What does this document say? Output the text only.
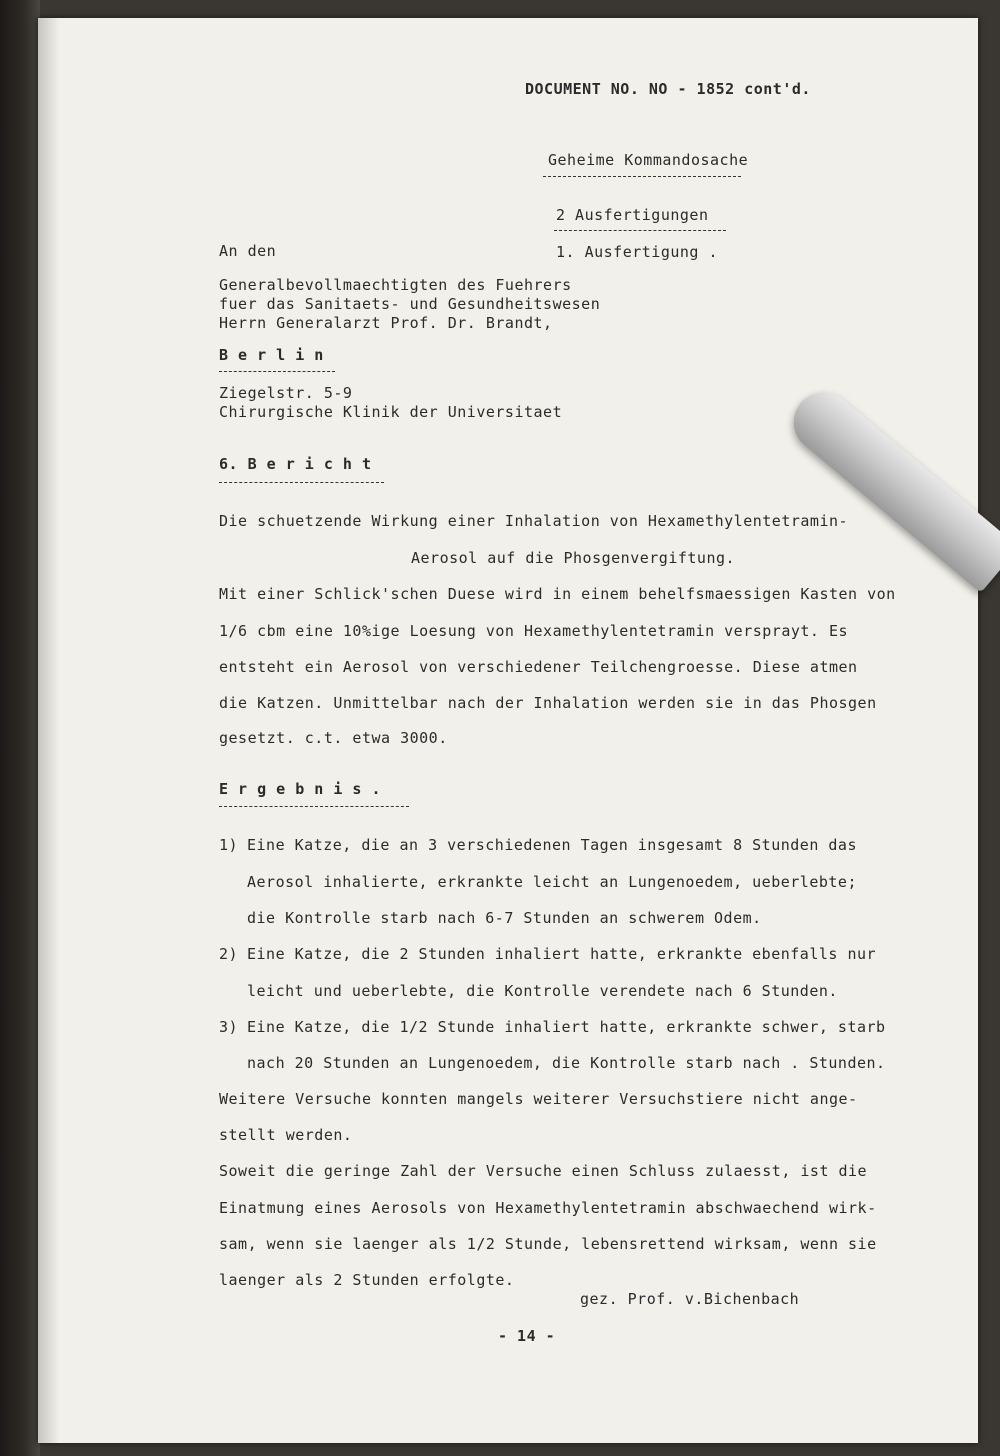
DOCUMENT NO. NO - 1852 cont'd.
Geheime Kommandosache
2 Ausfertigungen
1. Ausfertigung .
An den
Generalbevollmaechtigten des Fuehrers
fuer das Sanitaets- und Gesundheitswesen
Herrn Generalarzt Prof. Dr. Brandt,
B e r l i n
Ziegelstr. 5-9
Chirurgische Klinik der Universitaet
6. B e r i c h t
Die schuetzende Wirkung einer Inhalation von Hexamethylentetramin-
Aerosol auf die Phosgenvergiftung.
Mit einer Schlick'schen Duese wird in einem behelfsmaessigen Kasten von
1/6 cbm eine 10%ige Loesung von Hexamethylentetramin versprayt. Es
entsteht ein Aerosol von verschiedener Teilchengroesse. Diese atmen
die Katzen. Unmittelbar nach der Inhalation werden sie in das Phosgen
gesetzt. c.t. etwa 3000.
E r g e b n i s .
1) Eine Katze, die an 3 verschiedenen Tagen insgesamt 8 Stunden das
Aerosol inhalierte, erkrankte leicht an Lungenoedem, ueberlebte;
die Kontrolle starb nach 6-7 Stunden an schwerem Odem.
2) Eine Katze, die 2 Stunden inhaliert hatte, erkrankte ebenfalls nur
leicht und ueberlebte, die Kontrolle verendete nach 6 Stunden.
3) Eine Katze, die 1/2 Stunde inhaliert hatte, erkrankte schwer, starb
nach 20 Stunden an Lungenoedem, die Kontrolle starb nach . Stunden.
Weitere Versuche konnten mangels weiterer Versuchstiere nicht ange-
stellt werden.
Soweit die geringe Zahl der Versuche einen Schluss zulaesst, ist die
Einatmung eines Aerosols von Hexamethylentetramin abschwaechend wirk-
sam, wenn sie laenger als 1/2 Stunde, lebensrettend wirksam, wenn sie
laenger als 2 Stunden erfolgte.
gez. Prof. v.Bichenbach
- 14 -
